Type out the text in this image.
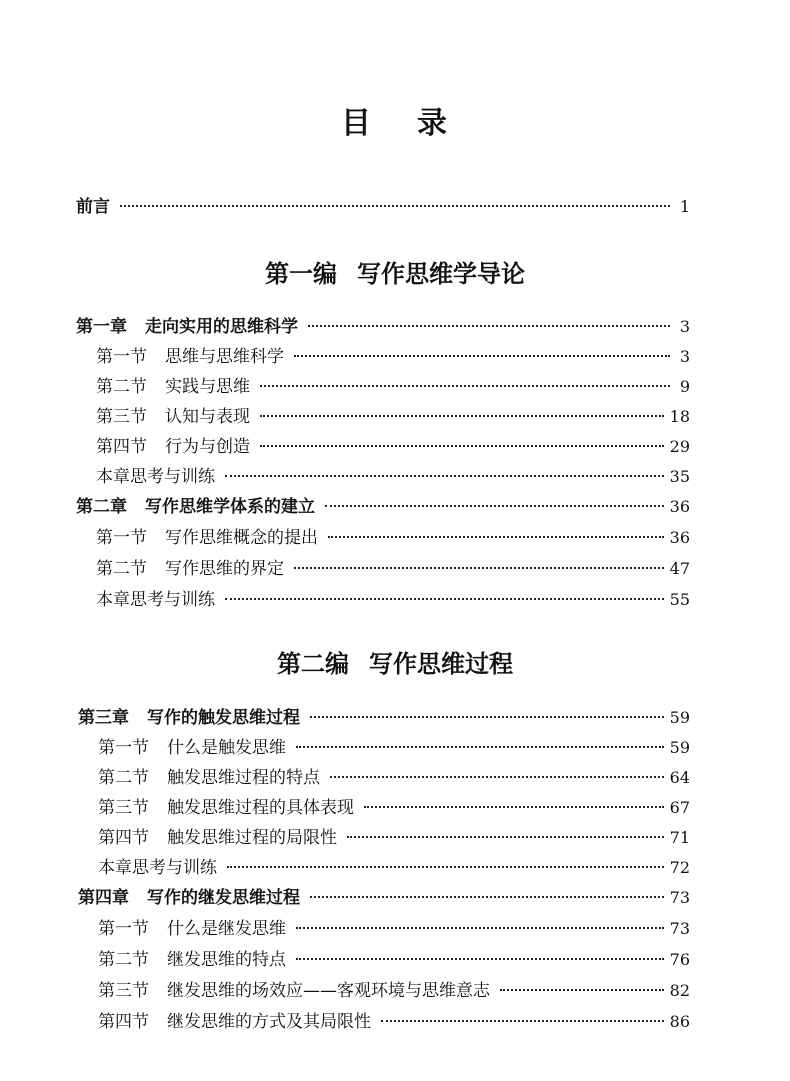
目 录
前言	1
第一编 写作思维学导论
第一章 走向实用的思维科学	3
第一节 思维与思维科学	3
第二节 实践与思维	9
第三节 认知与表现	18
第四节 行为与创造	29
本章思考与训练	35
第二章 写作思维学体系的建立	36
第一节 写作思维概念的提出	36
第二节 写作思维的界定	47
本章思考与训练	55
第二编 写作思维过程
第三章 写作的触发思维过程	59
第一节 什么是触发思维	59
第二节 触发思维过程的特点	64
第三节 触发思维过程的具体表现	67
第四节 触发思维过程的局限性	71
本章思考与训练	72
第四章 写作的继发思维过程	73
第一节 什么是继发思维	73
第二节 继发思维的特点	76
第三节 继发思维的场效应——客观环境与思维意志	82
第四节 继发思维的方式及其局限性	86
